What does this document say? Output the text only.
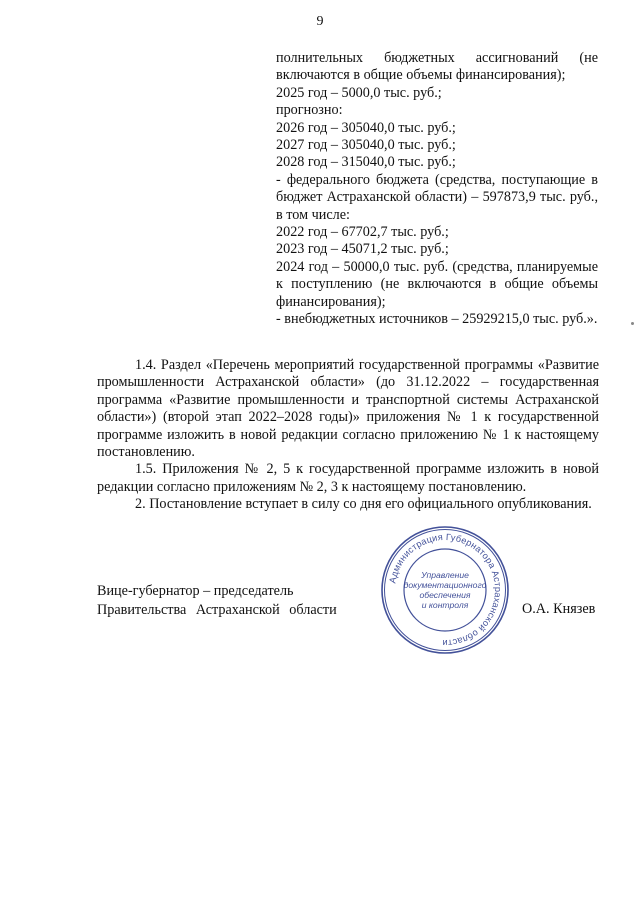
9

полнительных бюджетных ассигнований (не включаются в общие объемы финансирования);

2025 год – 5000,0 тыс. руб.;

прогнозно:

2026 год – 305040,0 тыс. руб.;

2027 год – 305040,0 тыс. руб.;

2028 год – 315040,0 тыс. руб.;

- федерального бюджета (средства, поступающие в бюджет Астраханской области) – 597873,9 тыс. руб., в том числе:

2022 год – 67702,7 тыс. руб.;

2023 год – 45071,2 тыс. руб.;

2024 год – 50000,0 тыс. руб. (средства, планируемые к поступлению (не включаются в общие объемы финансирования);

- внебюджетных источников – 25929215,0 тыс. руб.».

1.4. Раздел «Перечень мероприятий государственной программы «Развитие промышленности Астраханской области» (до 31.12.2022 – государственная программа «Развитие промышленности и транспортной системы Астраханской области») (второй этап 2022–2028 годы)» приложения № 1 к государственной программе изложить в новой редакции согласно приложению № 1 к настоящему постановлению.

1.5. Приложения № 2, 5 к государственной программе изложить в новой редакции согласно приложениям № 2, 3 к настоящему постановлению.

2. Постановление вступает в силу со дня его официального опубликования.

Вице-губернатор – председатель
Правительства Астраханской области
Администрация Губернатора Астраханской области
Управление
документационного
обеспечения
и контроля	О.А. Князев
